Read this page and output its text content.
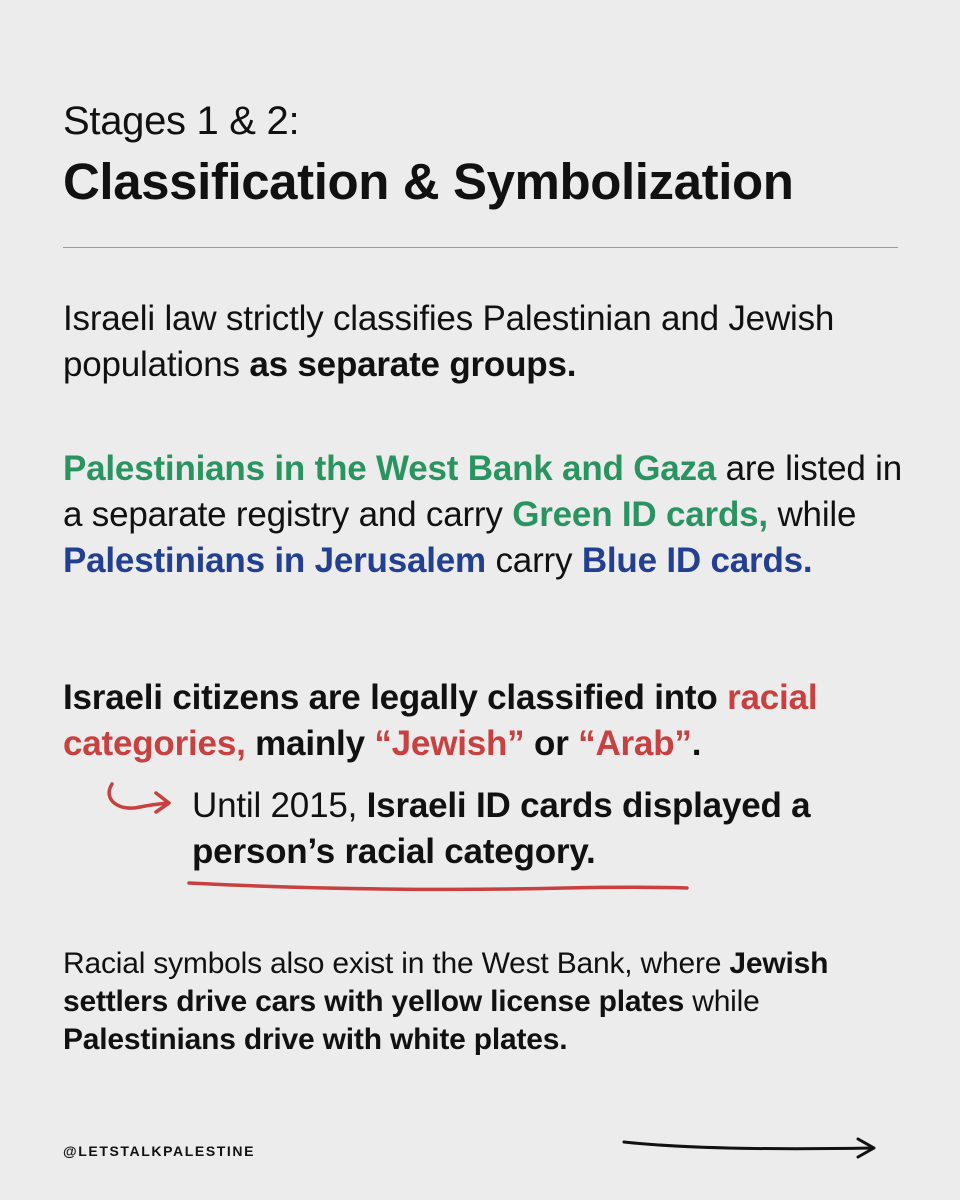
Stages 1 & 2:
Classification & Symbolization
Israeli law strictly classifies Palestinian and Jewish populations as separate groups.
Palestinians in the West Bank and Gaza are listed in a separate registry and carry Green ID cards, while Palestinians in Jerusalem carry Blue ID cards.
Israeli citizens are legally classified into racial categories, mainly “Jewish” or “Arab”.
Until 2015, Israeli ID cards displayed a person’s racial category.
Racial symbols also exist in the West Bank, where Jewish settlers drive cars with yellow license plates while Palestinians drive with white plates.
@LETSTALKPALESTINE
